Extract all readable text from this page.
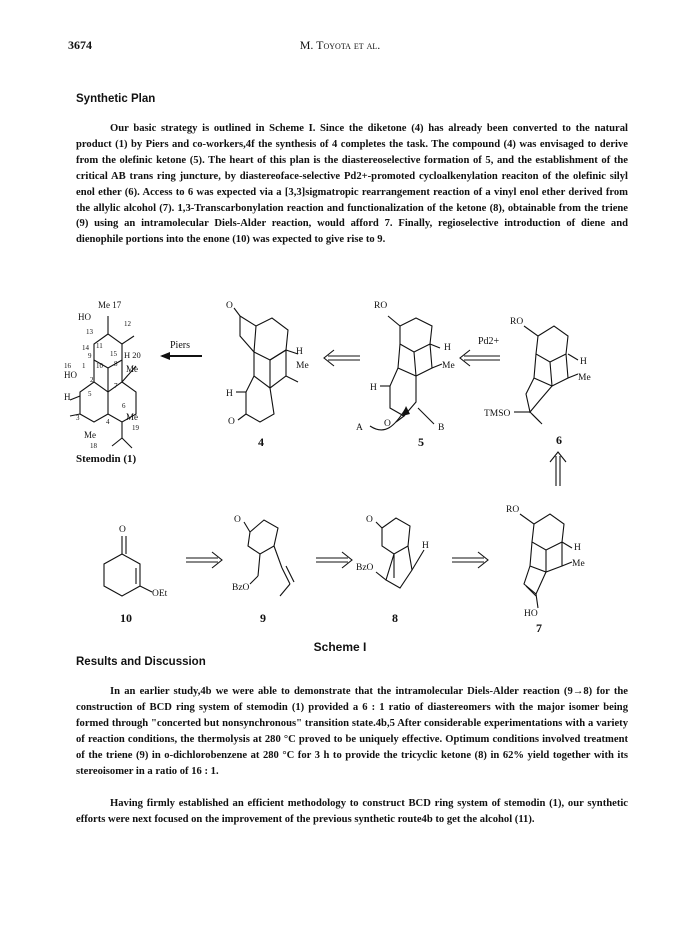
3674	M. Toyota et al.
Synthetic Plan

Our basic strategy is outlined in Scheme I. Since the diketone (4) has already been converted to the natural product (1) by Piers and co-workers,4f the synthesis of 4 completes the task. The compound (4) was envisaged to derive from the olefinic ketone (5). The heart of this plan is the diastereoselective formation of 5, and the establishment of the critical AB trans ring juncture, by diastereoface-selective Pd2+-promoted cycloalkenylation reaciton of the olefinic silyl enol ether (6). Access to 6 was expected via a [3,3]sigmatropic rearrangement reaction of a vinyl enol ether derived from the allylic alcohol (7). 1,3-Transcarbonylation reaction and functionalization of the ketone (8), obtainable from the triene (9) using an intramolecular Diels-Alder reaction, would afford 7. Finally, regioselective introduction of diene and dienophile portions into the enone (10) was expected to give rise to 9.

Me 17
HO
12
13
14 11
15
9
8
H 20
16 1 10	Me
HO 2
7
H	5
6
3	Me
4
Me
19
18
Stemodin (1)
Piers
O
H
Me
H
O
4
RO
H
Me
H
O
A	B
5
Pd2+
RO
H
Me
TMSO
6
O
OEt
10
O
BzO
9
O
H
BzO
8
RO
H
Me
HO
7
Scheme I
Results and Discussion

In an earlier study,4b we were able to demonstrate that the intramolecular Diels-Alder reaction (9→8) for the construction of BCD ring system of stemodin (1) provided a 6 : 1 ratio of diastereomers with the major isomer being formed through "concerted but nonsynchronous" transition state.4b,5 After considerable experimentations with a variety of reaction conditions, the thermolysis at 280 °C proved to be uniquely effective. Optimum conditions involved treatment of the triene (9) in o-dichlorobenzene at 280 °C for 3 h to provide the tricyclic ketone (8) in 62% yield together with its stereoisomer in a ratio of 16 : 1.

Having firmly established an efficient methodology to construct BCD ring system of stemodin (1), our synthetic efforts were next focused on the improvement of the previous synthetic route4b to get the alcohol (11).
